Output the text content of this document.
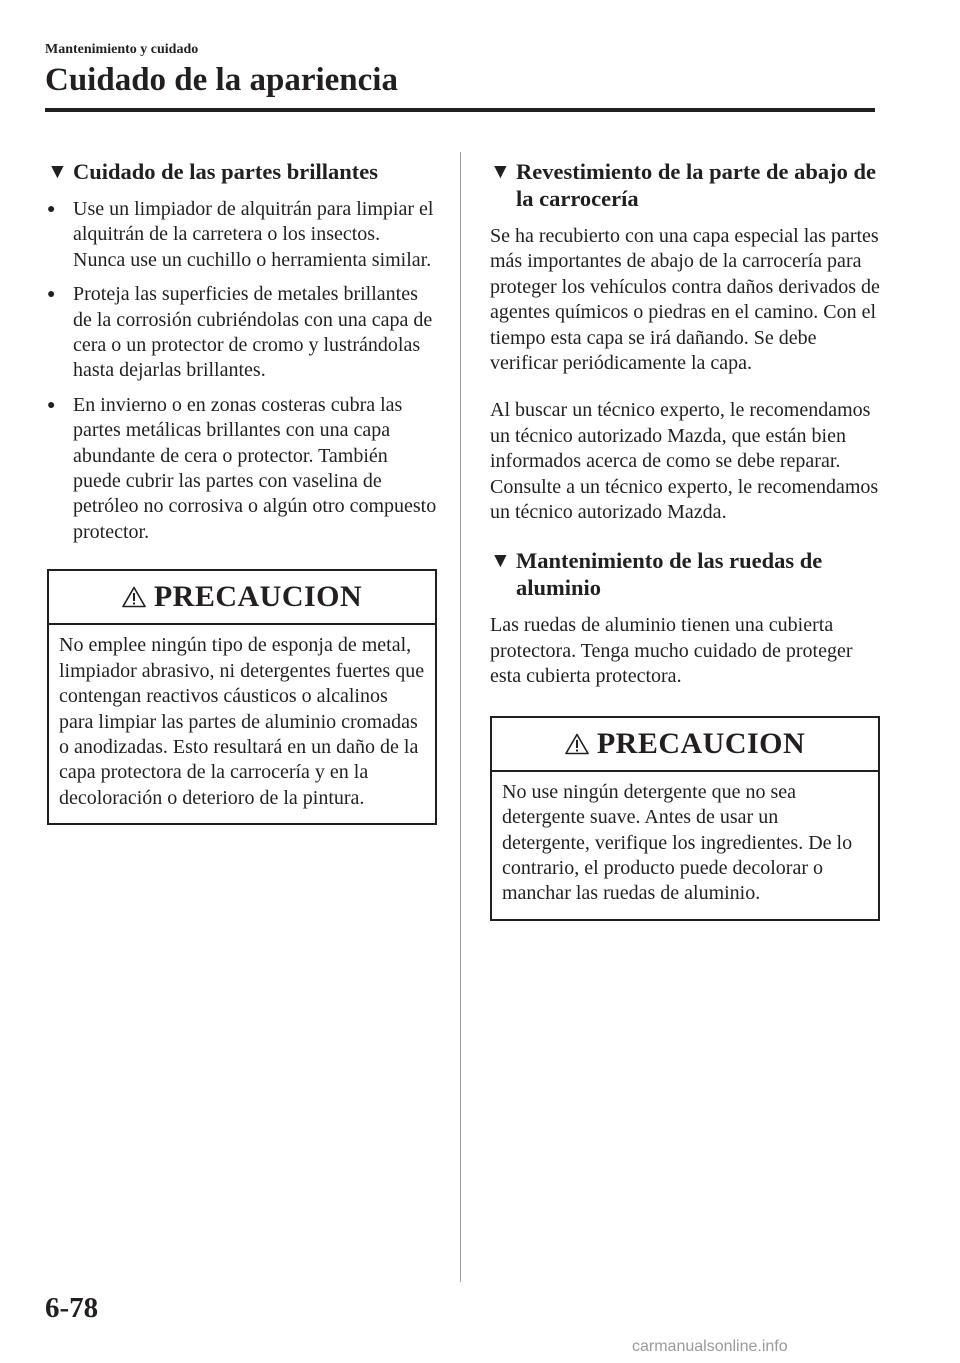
Mantenimiento y cuidado
Cuidado de la apariencia
▼ Cuidado de las partes brillantes
● Use un limpiador de alquitrán para limpiar el alquitrán de la carretera o los insectos. Nunca use un cuchillo o herramienta similar.
● Proteja las superficies de metales brillantes de la corrosión cubriéndolas con una capa de cera o un protector de cromo y lustrándolas hasta dejarlas brillantes.
● En invierno o en zonas costeras cubra las partes metálicas brillantes con una capa abundante de cera o protector. También puede cubrir las partes con vaselina de petróleo no corrosiva o algún otro compuesto protector.
PRECAUCION
No emplee ningún tipo de esponja de metal, limpiador abrasivo, ni detergentes fuertes que contengan reactivos cáusticos o alcalinos para limpiar las partes de aluminio cromadas o anodizadas. Esto resultará en un daño de la capa protectora de la carrocería y en la decoloración o deterioro de la pintura.
▼ Revestimiento de la parte de abajo de la carrocería

Se ha recubierto con una capa especial las partes más importantes de abajo de la carrocería para proteger los vehículos contra daños derivados de agentes químicos o piedras en el camino. Con el tiempo esta capa se irá dañando. Se debe verificar periódicamente la capa.

Al buscar un técnico experto, le recomendamos un técnico autorizado Mazda, que están bien informados acerca de como se debe reparar. Consulte a un técnico experto, le recomendamos un técnico autorizado Mazda.

▼ Mantenimiento de las ruedas de aluminio

Las ruedas de aluminio tienen una cubierta protectora. Tenga mucho cuidado de proteger esta cubierta protectora.

PRECAUCION
No use ningún detergente que no sea detergente suave. Antes de usar un detergente, verifique los ingredientes. De lo contrario, el producto puede decolorar o manchar las ruedas de aluminio.
6-78
carmanualsonline.info
